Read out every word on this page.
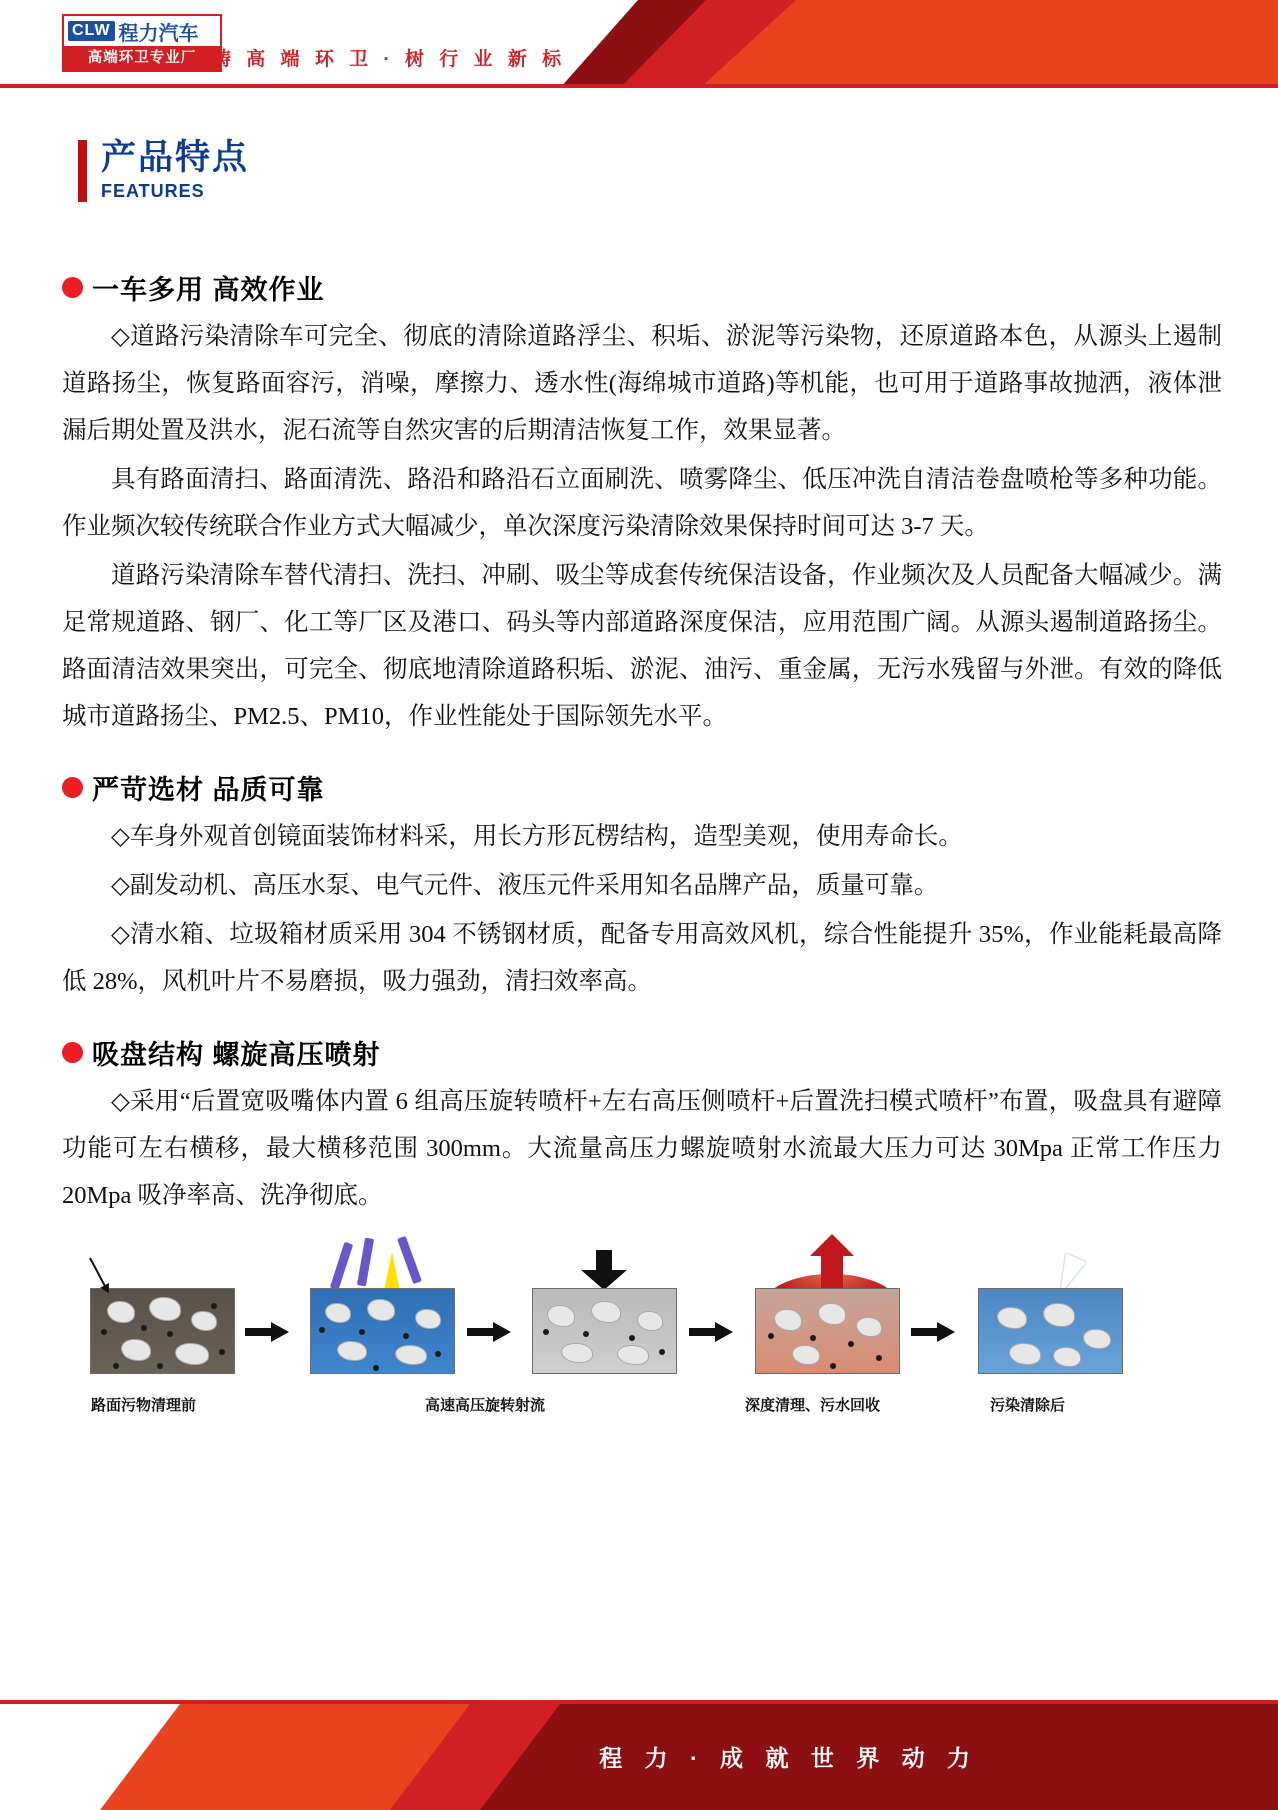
CLW 程力汽车
高端环卫专业厂 铸 高 端 环 卫 · 树 行 业 新 标
产品特点
FEATURES
一车多用 高效作业

◇道路污染清除车可完全、彻底的清除道路浮尘、积垢、淤泥等污染物，还原道路本色，从源头上遏制道路扬尘，恢复路面容污，消噪，摩擦力、透水性(海绵城市道路)等机能，也可用于道路事故抛洒，液体泄漏后期处置及洪水，泥石流等自然灾害的后期清洁恢复工作，效果显著。

具有路面清扫、路面清洗、路沿和路沿石立面刷洗、喷雾降尘、低压冲洗自清洁卷盘喷枪等多种功能。作业频次较传统联合作业方式大幅减少，单次深度污染清除效果保持时间可达 3-7 天。

道路污染清除车替代清扫、洗扫、冲刷、吸尘等成套传统保洁设备，作业频次及人员配备大幅减少。满足常规道路、钢厂、化工等厂区及港口、码头等内部道路深度保洁，应用范围广阔。从源头遏制道路扬尘。路面清洁效果突出，可完全、彻底地清除道路积垢、淤泥、油污、重金属，无污水残留与外泄。有效的降低城市道路扬尘、PM2.5、PM10，作业性能处于国际领先水平。

严苛选材 品质可靠

◇车身外观首创镜面装饰材料采，用长方形瓦楞结构，造型美观，使用寿命长。

◇副发动机、高压水泵、电气元件、液压元件采用知名品牌产品，质量可靠。

◇清水箱、垃圾箱材质采用 304 不锈钢材质，配备专用高效风机，综合性能提升 35%，作业能耗最高降低 28%，风机叶片不易磨损，吸力强劲，清扫效率高。

吸盘结构 螺旋高压喷射

◇采用“后置宽吸嘴体内置 6 组高压旋转喷杆+左右高压侧喷杆+后置洗扫模式喷杆”布置，吸盘具有避障功能可左右横移，最大横移范围 300mm。大流量高压力螺旋喷射水流最大压力可达 30Mpa 正常工作压力 20Mpa 吸净率高、洗净彻底。

路面污物清理前	高速高压旋转射流	深度清理、污水回收	污染清除后
程 力 · 成 就 世 界 动 力
